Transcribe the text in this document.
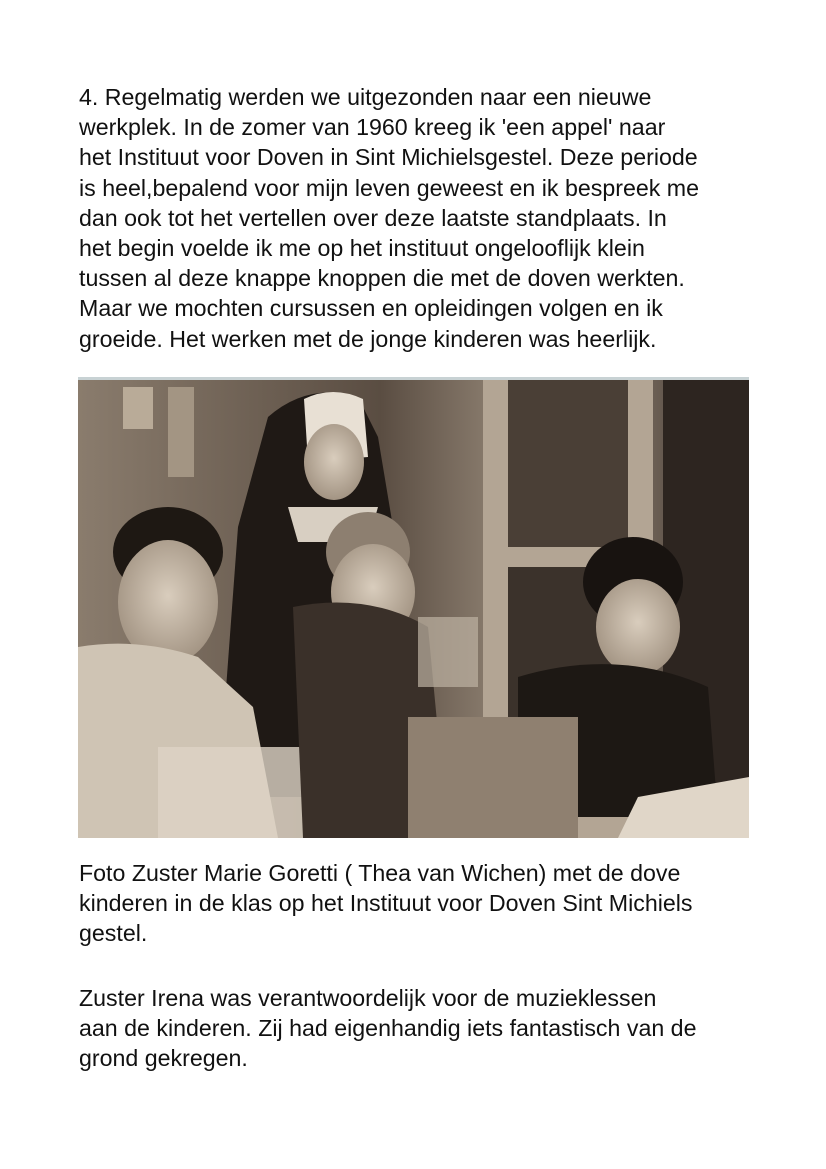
4. Regelmatig werden we uitgezonden naar een nieuwe
werkplek. In de zomer van 1960 kreeg ik 'een appel' naar
het Instituut voor Doven in Sint Michielsgestel. Deze periode
is heel,bepalend voor mijn leven geweest en ik bespreek me
dan ook tot het vertellen over deze laatste standplaats. In
het begin voelde ik me op het instituut ongelooflijk klein
tussen al deze knappe knoppen die met de doven werkten.
Maar we mochten cursussen en opleidingen volgen en ik
groeide. Het werken met de jonge kinderen was heerlijk.
Foto Zuster Marie Goretti ( Thea van Wichen) met de dove
kinderen in de klas op het Instituut voor Doven Sint Michiels
gestel.
Zuster Irena was verantwoordelijk voor de muzieklessen
aan de kinderen. Zij had eigenhandig iets fantastisch van de
grond gekregen.
